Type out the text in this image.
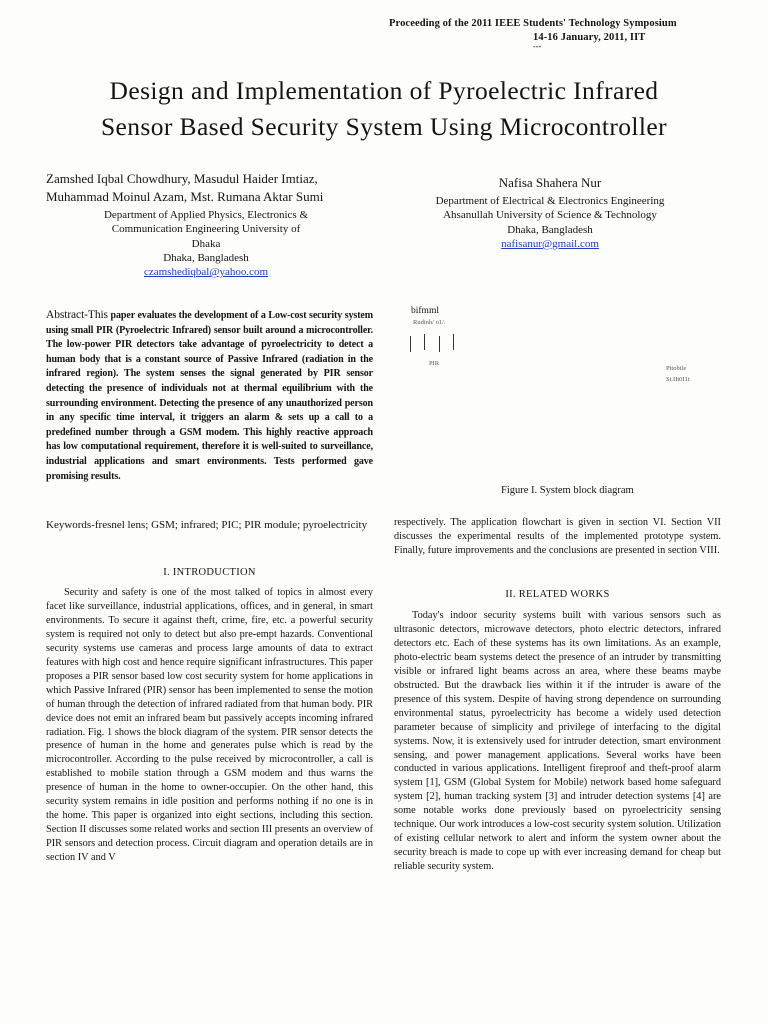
Proceeding of the 2011 IEEE Students' Technology Symposium
14-16 January, 2011, IIT
---
Design and Implementation of Pyroelectric Infrared
Sensor Based Security System Using Microcontroller
Zamshed Iqbal Chowdhury, Masudul Haider Imtiaz,
Muhammad Moinul Azam, Mst. Rumana Aktar Sumi
Department of Applied Physics, Electronics &
Communication Engineering University of
Dhaka
Dhaka, Bangladesh
czamshediqbal@yahoo.com
Nafisa Shahera Nur
Department of Electrical & Electronics Engineering
Ahsanullah University of Science & Technology
Dhaka, Bangladesh
nafisanur@gmail.com
Abstract-This paper evaluates the development of a Low-cost security system using small PIR (Pyroelectric Infrared) sensor built around a microcontroller. The low-power PIR detectors take advantage of pyroelectricity to detect a human body that is a constant source of Passive Infrared (radiation in the infrared region). The system senses the signal generated by PIR sensor detecting the presence of individuals not at thermal equilibrium with the surrounding environment. Detecting the presence of any unauthorized person in any specific time interval, it triggers an alarm & sets up a call to a predefined number through a GSM modem. This highly reactive approach has low computational requirement, therefore it is well-suited to surveillance, industrial applications and smart environments. Tests performed gave promising results.
Keywords-fresnel lens; GSM; infrared; PIC; PIR module; pyroelectricity
bifmml
Rudinh/ o1/.
PIR
Pitobile
St.IIt0I1t
Figure I. System block diagram
I. INTRODUCTION

Security and safety is one of the most talked of topics in almost every facet like surveillance, industrial applications, offices, and in general, in smart environments. To secure it against theft, crime, fire, etc. a powerful security system is required not only to detect but also pre-empt hazards. Conventional security systems use cameras and process large amounts of data to extract features with high cost and hence require significant infrastructures. This paper proposes a PIR sensor based low cost security system for home applications in which Passive Infrared (PIR) sensor has been implemented to sense the motion of human through the detection of infrared radiated from that human body. PIR device does not emit an infrared beam but passively accepts incoming infrared radiation. Fig. 1 shows the block diagram of the system. PIR sensor detects the presence of human in the home and generates pulse which is read by the microcontroller. According to the pulse received by microcontroller, a call is established to mobile station through a GSM modem and thus warns the presence of human in the home to owner-occupier. On the other hand, this security system remains in idle position and performs nothing if no one is in the home. This paper is organized into eight sections, including this section. Section II discusses some related works and section III presents an overview of PIR sensors and detection process. Circuit diagram and operation details are in section IV and V

respectively. The application flowchart is given in section VI. Section VII discusses the experimental results of the implemented prototype system. Finally, future improvements and the conclusions are presented in section VIII.

II. RELATED WORKS

Today's indoor security systems built with various sensors such as ultrasonic detectors, microwave detectors, photo electric detectors, infrared detectors etc. Each of these systems has its own limitations. As an example, photo-electric beam systems detect the presence of an intruder by transmitting visible or infrared light beams across an area, where these beams maybe obstructed. But the drawback lies within it if the intruder is aware of the presence of this system. Despite of having strong dependence on surrounding environmental status, pyroelectricity has become a widely used detection parameter because of simplicity and privilege of interfacing to the digital systems. Now, it is extensively used for intruder detection, smart environment sensing, and power management applications. Several works have been conducted in various applications. Intelligent fireproof and theft-proof alarm system [1], GSM (Global System for Mobile) network based home safeguard system [2], human tracking system [3] and intruder detection systems [4] are some notable works done previously based on pyroelectricity sensing technique. Our work introduces a low-cost security system solution. Utilization of existing cellular network to alert and inform the system owner about the security breach is made to cope up with ever increasing demand for cheap but reliable security system.
